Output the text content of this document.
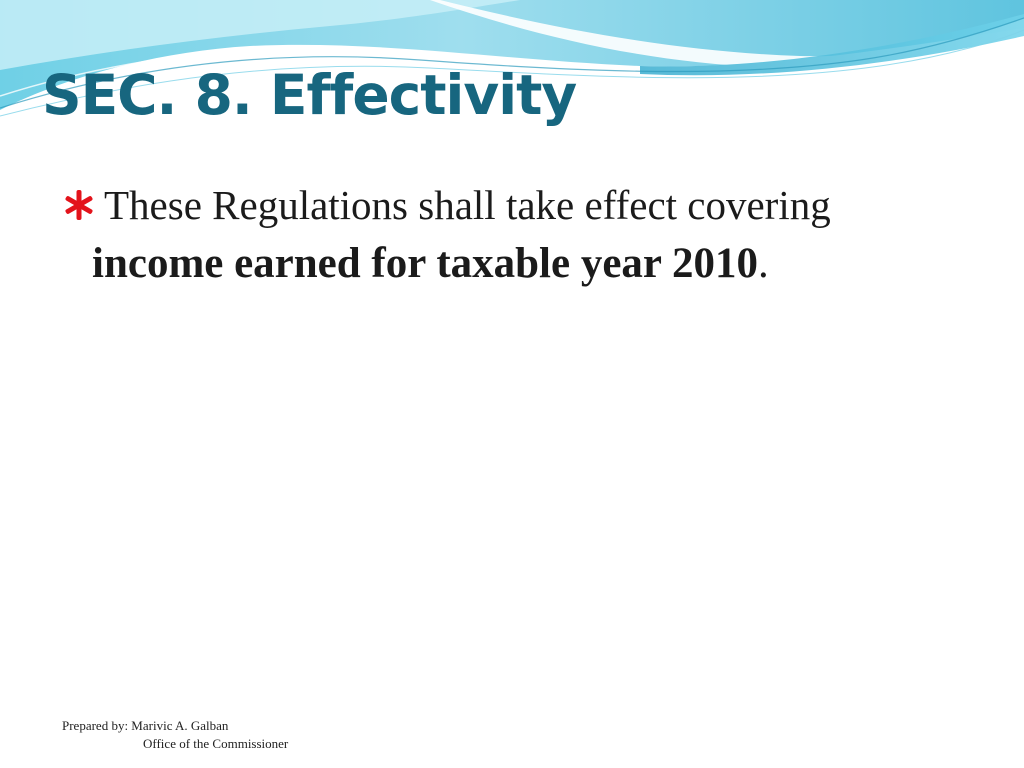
SEC. 8. Effectivity
These Regulations shall take effect covering
income earned for taxable year 2010.
Prepared by: Marivic A. Galban
Office of the Commissioner
